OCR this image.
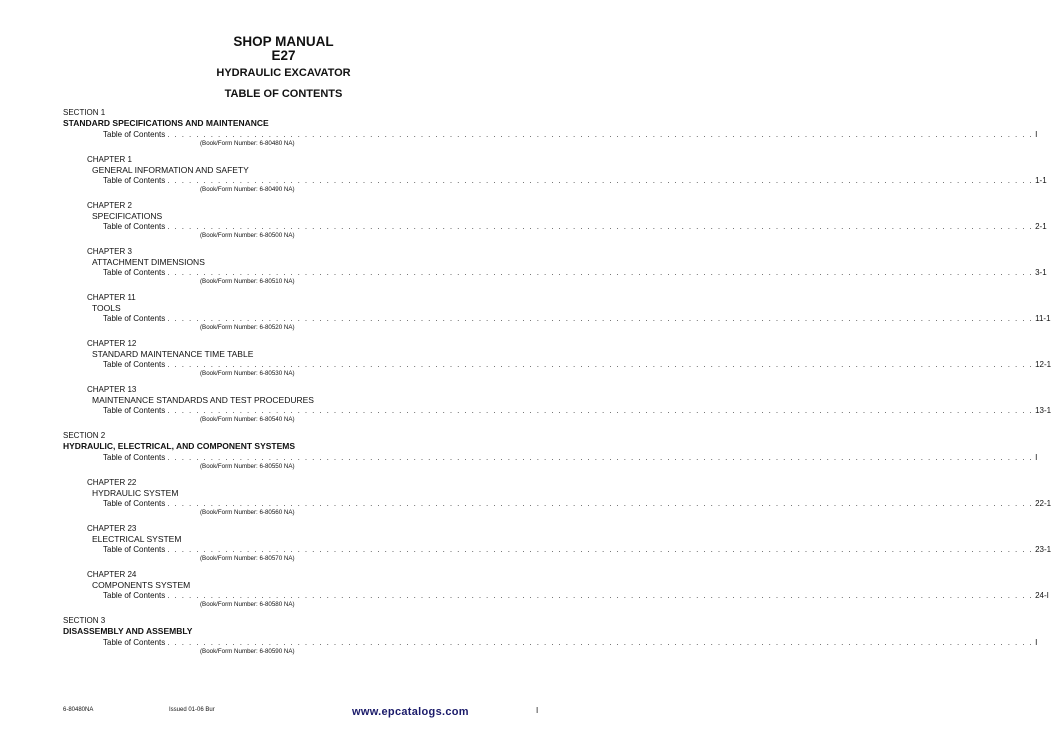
SHOP MANUAL
E27
HYDRAULIC EXCAVATOR
TABLE OF CONTENTS
SECTION 1
STANDARD SPECIFICATIONS AND MAINTENANCE
Table of Contents . . . . . . . . . . . . . . . . . . . . . . . . . . . . . . . . . . . . . . . . . . . . . . . . . . . . . . . . . . . . . . . . . . . . . . . . . . . . . . . . . . . . . . . . . . . . . . . . . . . . . . . . . . . . . . . . . . . . . . . . I
(Book/Form Number: 6-80480 NA)
CHAPTER 1
GENERAL INFORMATION AND SAFETY
Table of Contents . . . . . . . . . . . . . . . . . . . . . . . . . . . . . . . . . . . . . . . . . . . . . . . . . . . . . . . . . . . . . . . . . . . . . . . . . . . . . . . . . . . . . . . . . . . . . . . . . . . . . . . . . . . . . . . . . . . . . . . . 1-1
(Book/Form Number: 6-80490 NA)
CHAPTER 2
SPECIFICATIONS
Table of Contents . . . . . . . . . . . . . . . . . . . . . . . . . . . . . . . . . . . . . . . . . . . . . . . . . . . . . . . . . . . . . . . . . . . . . . . . . . . . . . . . . . . . . . . . . . . . . . . . . . . . . . . . . . . . . . . . . . . . . . . . 2-1
(Book/Form Number: 6-80500 NA)
CHAPTER 3
ATTACHMENT DIMENSIONS
Table of Contents . . . . . . . . . . . . . . . . . . . . . . . . . . . . . . . . . . . . . . . . . . . . . . . . . . . . . . . . . . . . . . . . . . . . . . . . . . . . . . . . . . . . . . . . . . . . . . . . . . . . . . . . . . . . . . . . . . . . . . . . 3-1
(Book/Form Number: 6-80510 NA)
CHAPTER 11
TOOLS
Table of Contents . . . . . . . . . . . . . . . . . . . . . . . . . . . . . . . . . . . . . . . . . . . . . . . . . . . . . . . . . . . . . . . . . . . . . . . . . . . . . . . . . . . . . . . . . . . . . . . . . . . . . . . . . . . . . . . . . . . . . . . . 11-1
(Book/Form Number: 6-80520 NA)
CHAPTER 12
STANDARD MAINTENANCE TIME TABLE
Table of Contents . . . . . . . . . . . . . . . . . . . . . . . . . . . . . . . . . . . . . . . . . . . . . . . . . . . . . . . . . . . . . . . . . . . . . . . . . . . . . . . . . . . . . . . . . . . . . . . . . . . . . . . . . . . . . . . . . . . . . . . . 12-1
(Book/Form Number: 6-80530 NA)
CHAPTER 13
MAINTENANCE STANDARDS AND TEST PROCEDURES
Table of Contents . . . . . . . . . . . . . . . . . . . . . . . . . . . . . . . . . . . . . . . . . . . . . . . . . . . . . . . . . . . . . . . . . . . . . . . . . . . . . . . . . . . . . . . . . . . . . . . . . . . . . . . . . . . . . . . . . . . . . . . . 13-1
(Book/Form Number: 6-80540 NA)
SECTION 2
HYDRAULIC, ELECTRICAL, AND COMPONENT SYSTEMS
Table of Contents . . . . . . . . . . . . . . . . . . . . . . . . . . . . . . . . . . . . . . . . . . . . . . . . . . . . . . . . . . . . . . . . . . . . . . . . . . . . . . . . . . . . . . . . . . . . . . . . . . . . . . . . . . . . . . . . . . . . . . . . I
(Book/Form Number: 6-80550 NA)
CHAPTER 22
HYDRAULIC SYSTEM
Table of Contents . . . . . . . . . . . . . . . . . . . . . . . . . . . . . . . . . . . . . . . . . . . . . . . . . . . . . . . . . . . . . . . . . . . . . . . . . . . . . . . . . . . . . . . . . . . . . . . . . . . . . . . . . . . . . . . . . . . . . . . . 22-1
(Book/Form Number: 6-80560 NA)
CHAPTER 23
ELECTRICAL SYSTEM
Table of Contents . . . . . . . . . . . . . . . . . . . . . . . . . . . . . . . . . . . . . . . . . . . . . . . . . . . . . . . . . . . . . . . . . . . . . . . . . . . . . . . . . . . . . . . . . . . . . . . . . . . . . . . . . . . . . . . . . . . . . . . . 23-1
(Book/Form Number: 6-80570 NA)
CHAPTER 24
COMPONENTS SYSTEM
Table of Contents . . . . . . . . . . . . . . . . . . . . . . . . . . . . . . . . . . . . . . . . . . . . . . . . . . . . . . . . . . . . . . . . . . . . . . . . . . . . . . . . . . . . . . . . . . . . . . . . . . . . . . . . . . . . . . . . . . . . . . . . 24-I
(Book/Form Number: 6-80580 NA)
SECTION 3
DISASSEMBLY AND ASSEMBLY
Table of Contents . . . . . . . . . . . . . . . . . . . . . . . . . . . . . . . . . . . . . . . . . . . . . . . . . . . . . . . . . . . . . . . . . . . . . . . . . . . . . . . . . . . . . . . . . . . . . . . . . . . . . . . . . . . . . . . . . . . . . . . . I
(Book/Form Number: 6-80590 NA)
6-80480NA	Issued 01-06 Bur	www.epcatalogs.com	I
